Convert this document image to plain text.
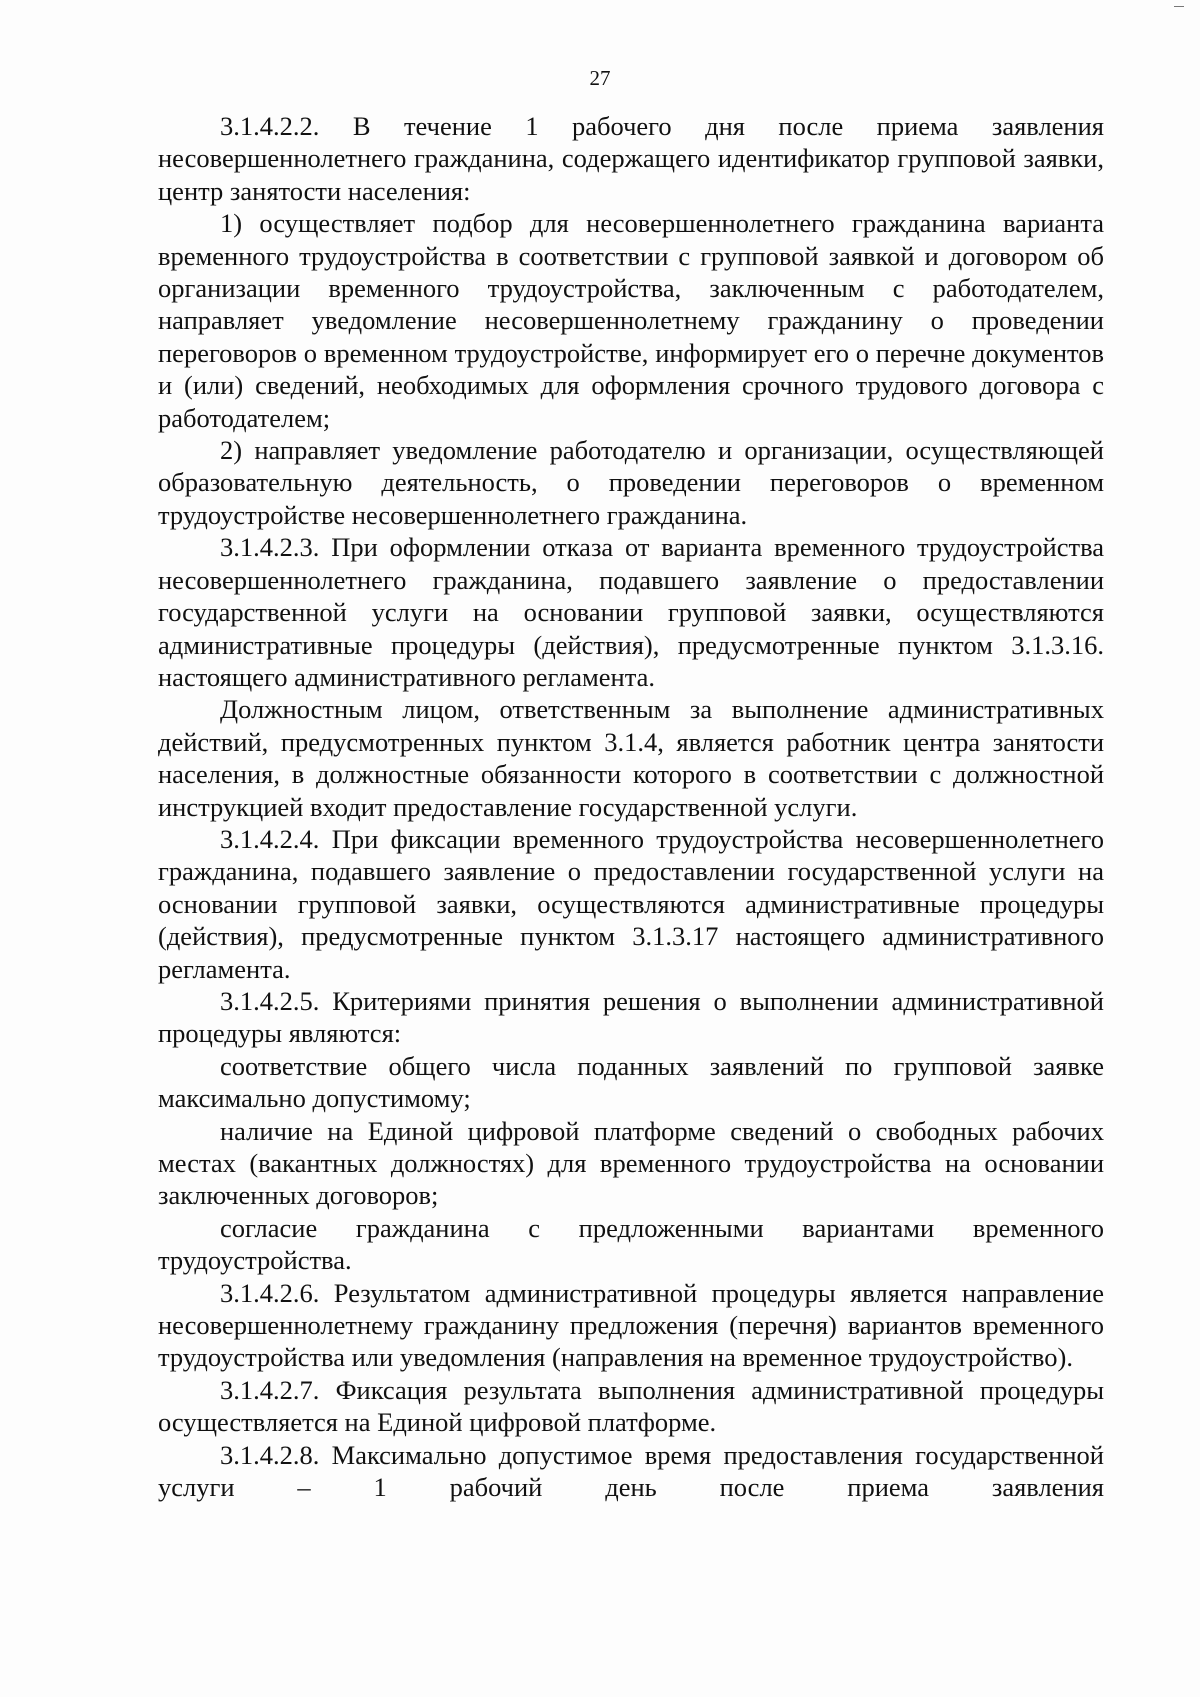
27

3.1.4.2.2. В течение 1 рабочего дня после приема заявления несовершеннолетнего гражданина, содержащего идентификатор групповой заявки, центр занятости населения:

1) осуществляет подбор для несовершеннолетнего гражданина варианта временного трудоустройства в соответствии с групповой заявкой и договором об организации временного трудоустройства, заключенным с работодателем, направляет уведомление несовершеннолетнему гражданину о проведении переговоров о временном трудоустройстве, информирует его о перечне документов и (или) сведений, необходимых для оформления срочного трудового договора с работодателем;

2) направляет уведомление работодателю и организации, осуществляющей образовательную деятельность, о проведении переговоров о временном трудоустройстве несовершеннолетнего гражданина.

3.1.4.2.3. При оформлении отказа от варианта временного трудоустройства несовершеннолетнего гражданина, подавшего заявление о предоставлении государственной услуги на основании групповой заявки, осуществляются административные процедуры (действия), предусмотренные пунктом 3.1.3.16. настоящего административного регламента.

Должностным лицом, ответственным за выполнение административных действий, предусмотренных пунктом 3.1.4, является работник центра занятости населения, в должностные обязанности которого в соответствии с должностной инструкцией входит предоставление государственной услуги.

3.1.4.2.4. При фиксации временного трудоустройства несовершеннолетнего гражданина, подавшего заявление о предоставлении государственной услуги на основании групповой заявки, осуществляются административные процедуры (действия), предусмотренные пунктом 3.1.3.17 настоящего административного регламента.

3.1.4.2.5. Критериями принятия решения о выполнении административной процедуры являются:

соответствие общего числа поданных заявлений по групповой заявке максимально допустимому;

наличие на Единой цифровой платформе сведений о свободных рабочих местах (вакантных должностях) для временного трудоустройства на основании заключенных договоров;

согласие гражданина с предложенными вариантами временного трудоустройства.

3.1.4.2.6. Результатом административной процедуры является направление несовершеннолетнему гражданину предложения (перечня) вариантов временного трудоустройства или уведомления (направления на временное трудоустройство).

3.1.4.2.7. Фиксация результата выполнения административной процедуры осуществляется на Единой цифровой платформе.

3.1.4.2.8. Максимально допустимое время предоставления государственной услуги – 1 рабочий день после приема заявления
